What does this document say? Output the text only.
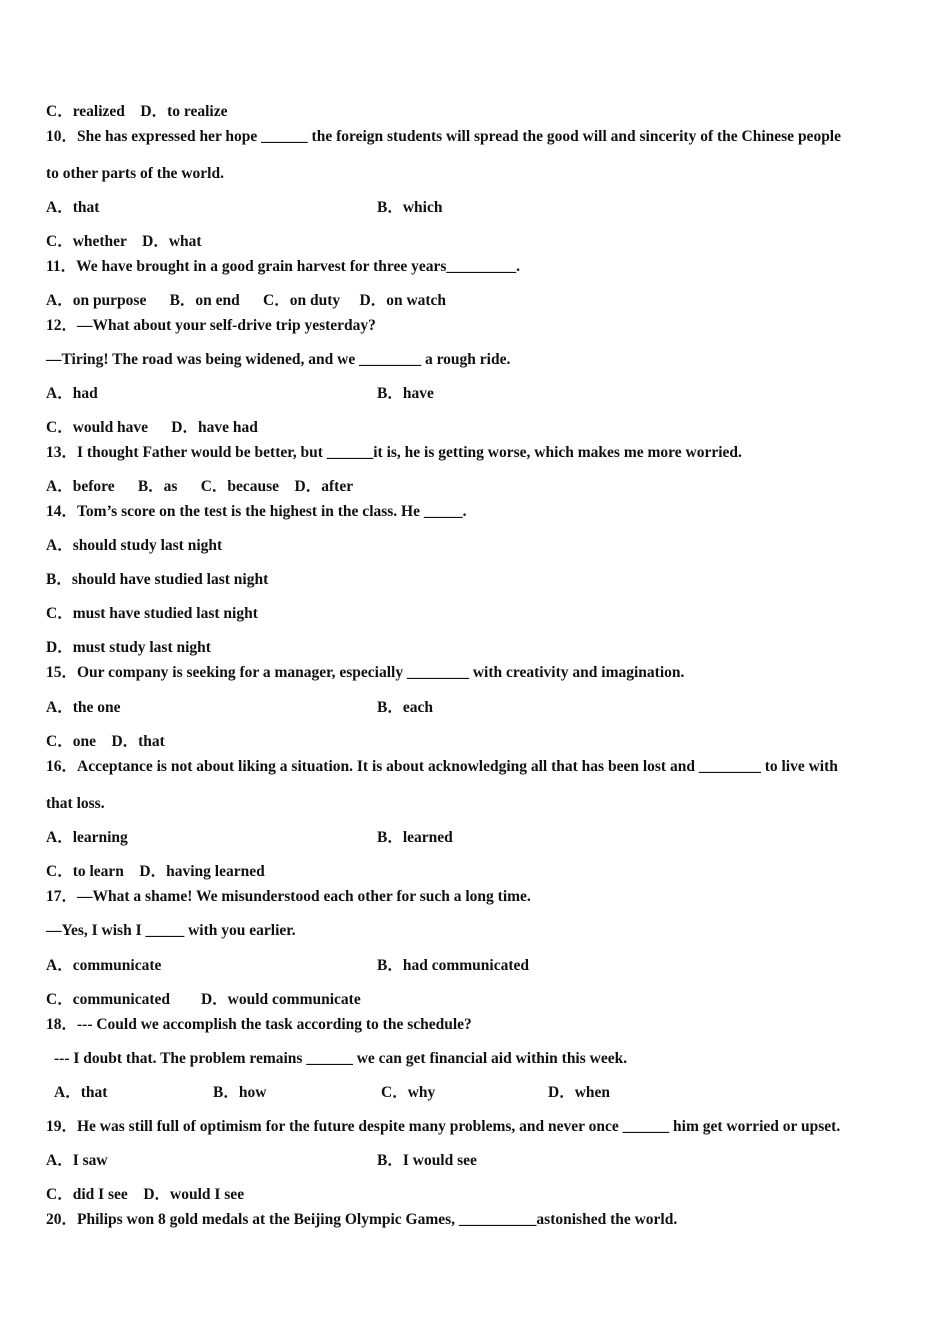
C．realized    D．to realize
10．She has expressed her hope ______ the foreign students will spread the good will and sincerity of the Chinese people
to other parts of the world.
A．that	B．which
C．whether    D．what
11．We have brought in a good grain harvest for three years_________.
A．on purpose      B．on end      C．on duty     D．on watch
12．—What about your self-drive trip yesterday?
—Tiring! The road was being widened, and we ________ a rough ride.
A．had	B．have
C．would have      D．have had
13．I thought Father would be better, but ______it is, he is getting worse, which makes me more worried.
A．before      B．as      C．because    D．after
14．Tom’s score on the test is the highest in the class. He _____.
A．should study last night
B．should have studied last night
C．must have studied last night
D．must study last night
15．Our company is seeking for a manager, especially ________ with creativity and imagination.
A．the one	B．each
C．one    D．that
16．Acceptance is not about liking a situation. It is about acknowledging all that has been lost and ________ to live with
that loss.
A．learning	B．learned
C．to learn    D．having learned
17．—What a shame! We misunderstood each other for such a long time.
—Yes, I wish I _____ with you earlier.
A．communicate	B．had communicated
C．communicated        D．would communicate
18．--- Could we accomplish the task according to the schedule?
--- I doubt that. The problem remains ______ we can get financial aid within this week.
A．that	B．how	C．why	D．when
19．He was still full of optimism for the future despite many problems, and never once ______ him get worried or upset.
A．I saw	B．I would see
C．did I see    D．would I see
20．Philips won 8 gold medals at the Beijing Olympic Games, __________astonished the world.
